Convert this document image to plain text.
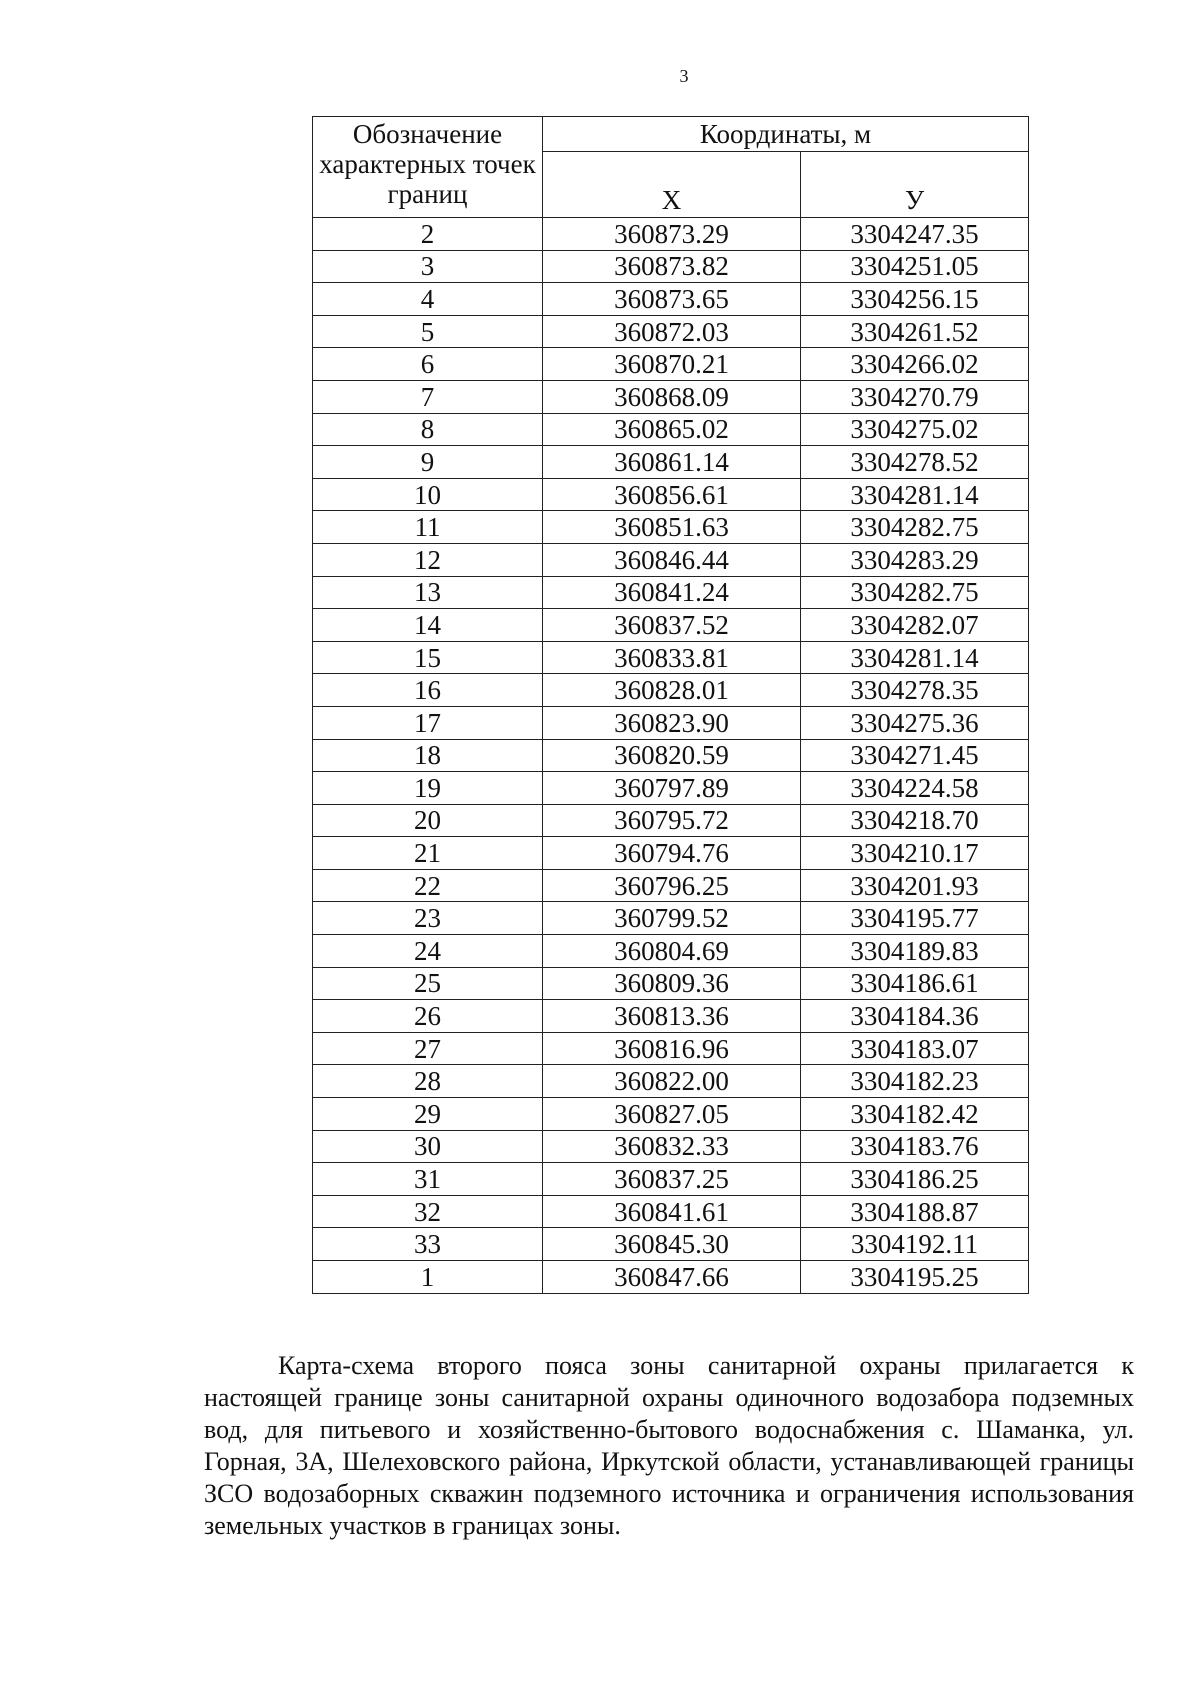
3
Обозначение характерных точек границ	Координаты, м	
	Х	У
2	360873.29	3304247.35
3	360873.82	3304251.05
4	360873.65	3304256.15
5	360872.03	3304261.52
6	360870.21	3304266.02
7	360868.09	3304270.79
8	360865.02	3304275.02
9	360861.14	3304278.52
10	360856.61	3304281.14
11	360851.63	3304282.75
12	360846.44	3304283.29
13	360841.24	3304282.75
14	360837.52	3304282.07
15	360833.81	3304281.14
16	360828.01	3304278.35
17	360823.90	3304275.36
18	360820.59	3304271.45
19	360797.89	3304224.58
20	360795.72	3304218.70
21	360794.76	3304210.17
22	360796.25	3304201.93
23	360799.52	3304195.77
24	360804.69	3304189.83
25	360809.36	3304186.61
26	360813.36	3304184.36
27	360816.96	3304183.07
28	360822.00	3304182.23
29	360827.05	3304182.42
30	360832.33	3304183.76
31	360837.25	3304186.25
32	360841.61	3304188.87
33	360845.30	3304192.11
1	360847.66	3304195.25

Карта-схема второго пояса зоны санитарной охраны прилагается к настоящей границе зоны санитарной охраны одиночного водозабора подземных вод, для питьевого и хозяйственно-бытового водоснабжения с. Шаманка, ул. Горная, 3А, Шелеховского района, Иркутской области, устанавливающей границы ЗСО водозаборных скважин подземного источника и ограничения использования земельных участков в границах зоны.
